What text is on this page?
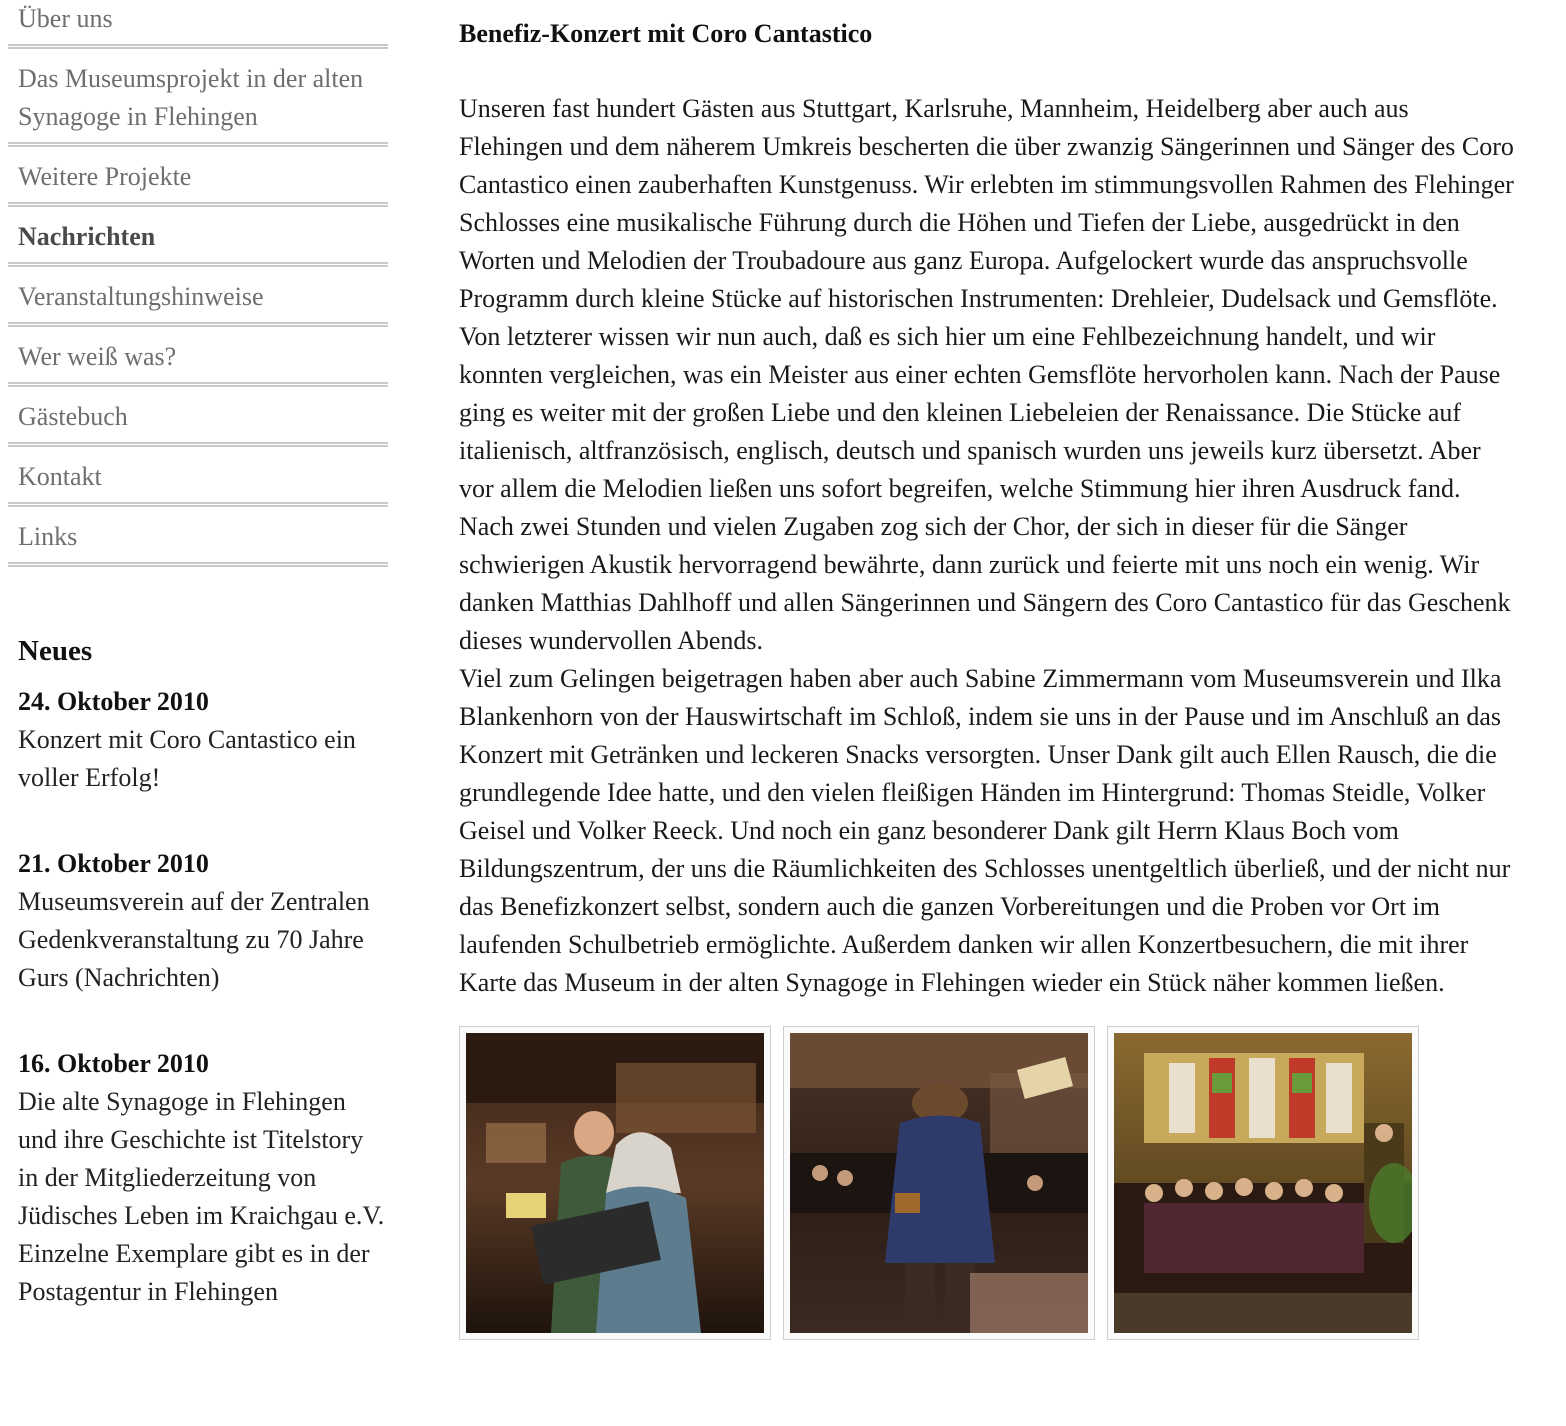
Über uns
Das Museumsprojekt in der alten Synagoge in Flehingen
Weitere Projekte
Nachrichten
Veranstaltungshinweise
Wer weiß was?
Gästebuch
Kontakt
Links
Neues
24. Oktober 2010
Konzert mit Coro Cantastico ein voller Erfolg!
21. Oktober 2010
Museumsverein auf der Zentralen Gedenkveranstaltung zu 70 Jahre Gurs (Nachrichten)
16. Oktober 2010
Die alte Synagoge in Flehingen und ihre Geschichte ist Titelstory in der Mitgliederzeitung von Jüdisches Leben im Kraichgau e.V.
Einzelne Exemplare gibt es in der Postagentur in Flehingen
Benefiz-Konzert mit Coro Cantastico

Unseren fast hundert Gästen aus Stuttgart, Karlsruhe, Mannheim, Heidelberg aber auch aus Flehingen und dem näherem Umkreis bescherten die über zwanzig Sängerinnen und Sänger des Coro Cantastico einen zauberhaften Kunstgenuss. Wir erlebten im stimmungsvollen Rahmen des Flehinger Schlosses eine musikalische Führung durch die Höhen und Tiefen der Liebe, ausgedrückt in den Worten und Melodien der Troubadoure aus ganz Europa. Aufgelockert wurde das anspruchsvolle Programm durch kleine Stücke auf historischen Instrumenten: Drehleier, Dudelsack und Gemsflöte. Von letzterer wissen wir nun auch, daß es sich hier um eine Fehlbezeichnung handelt, und wir konnten vergleichen, was ein Meister aus einer echten Gemsflöte hervorholen kann. Nach der Pause ging es weiter mit der großen Liebe und den kleinen Liebeleien der Renaissance. Die Stücke auf italienisch, altfranzösisch, englisch, deutsch und spanisch wurden uns jeweils kurz übersetzt. Aber vor allem die Melodien ließen uns sofort begreifen, welche Stimmung hier ihren Ausdruck fand.

Nach zwei Stunden und vielen Zugaben zog sich der Chor, der sich in dieser für die Sänger schwierigen Akustik hervorragend bewährte, dann zurück und feierte mit uns noch ein wenig. Wir danken Matthias Dahlhoff und allen Sängerinnen und Sängern des Coro Cantastico für das Geschenk dieses wundervollen Abends.

Viel zum Gelingen beigetragen haben aber auch Sabine Zimmermann vom Museumsverein und Ilka Blankenhorn von der Hauswirtschaft im Schloß, indem sie uns in der Pause und im Anschluß an das Konzert mit Getränken und leckeren Snacks versorgten. Unser Dank gilt auch Ellen Rausch, die die grundlegende Idee hatte, und den vielen fleißigen Händen im Hintergrund: Thomas Steidle, Volker Geisel und Volker Reeck. Und noch ein ganz besonderer Dank gilt Herrn Klaus Boch vom Bildungszentrum, der uns die Räumlichkeiten des Schlosses unentgeltlich überließ, und der nicht nur das Benefizkonzert selbst, sondern auch die ganzen Vorbereitungen und die Proben vor Ort im laufenden Schulbetrieb ermöglichte. Außerdem danken wir allen Konzertbesuchern, die mit ihrer Karte das Museum in der alten Synagoge in Flehingen wieder ein Stück näher kommen ließen.
